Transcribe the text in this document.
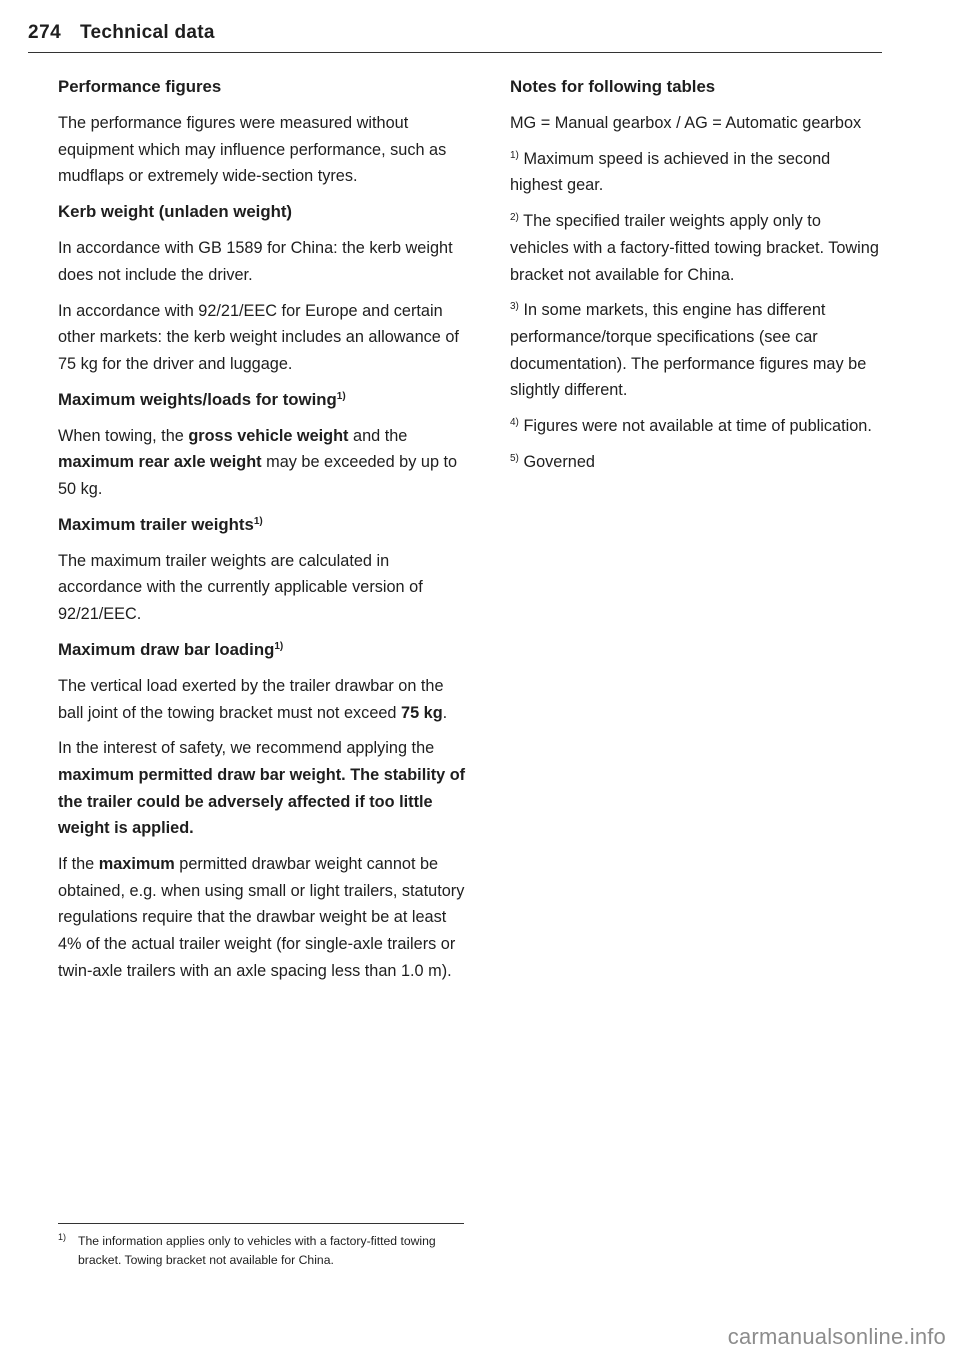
274 Technical data
Performance figures

The performance figures were measured without equipment which may influence performance, such as mudflaps or extremely wide-section tyres.

Kerb weight (unladen weight)

In accordance with GB 1589 for China: the kerb weight does not include the driver.

In accordance with 92/21/EEC for Europe and certain other markets: the kerb weight includes an allowance of 75 kg for the driver and luggage.

Maximum weights/loads for towing$^{1)}$

When towing, the gross vehicle weight and the maximum rear axle weight may be exceeded by up to 50 kg.

Maximum trailer weights$^{1)}$

The maximum trailer weights are calculated in accordance with the currently applicable version of 92/21/EEC.

Maximum draw bar loading$^{1)}$

The vertical load exerted by the trailer drawbar on the ball joint of the towing bracket must not exceed 75 kg.

In the interest of safety, we recommend applying the maximum permitted draw bar weight. The stability of the trailer could be adversely affected if too little weight is applied.

If the maximum permitted drawbar weight cannot be obtained, e.g. when using small or light trailers, statutory regulations require that the drawbar weight be at least 4% of the actual trailer weight (for single-axle trailers or twin-axle trailers with an axle spacing less than 1.0 m).

1) The information applies only to vehicles with a factory-fitted towing bracket. Towing bracket not available for China.
Notes for following tables

MG = Manual gearbox / AG = Automatic gearbox

$^{1)}$ Maximum speed is achieved in the second highest gear.

$^{2)}$ The specified trailer weights apply only to vehicles with a factory-fitted towing bracket. Towing bracket not available for China.

$^{3)}$ In some markets, this engine has different performance/torque specifications (see car documentation). The performance figures may be slightly different.

$^{4)}$ Figures were not available at time of publication.

$^{5)}$ Governed

carmanualsonline.info
